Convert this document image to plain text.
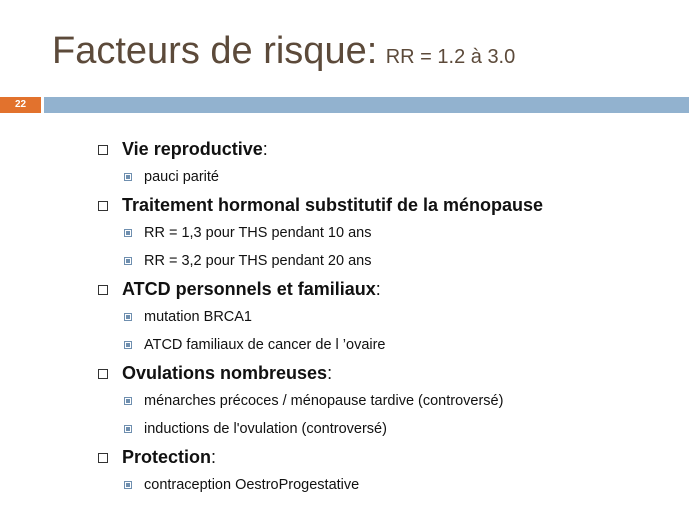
Facteurs de risque: RR = 1.2 à 3.0
22
Vie reproductive:
pauci parité
Traitement hormonal substitutif de la ménopause
RR = 1,3 pour THS pendant 10 ans
RR = 3,2 pour THS pendant 20 ans
ATCD personnels et familiaux:
mutation BRCA1
ATCD familiaux de cancer de l ’ovaire
Ovulations nombreuses:
ménarches précoces / ménopause tardive (controversé)
inductions de l'ovulation (controversé)
Protection:
contraception OestroProgestative
